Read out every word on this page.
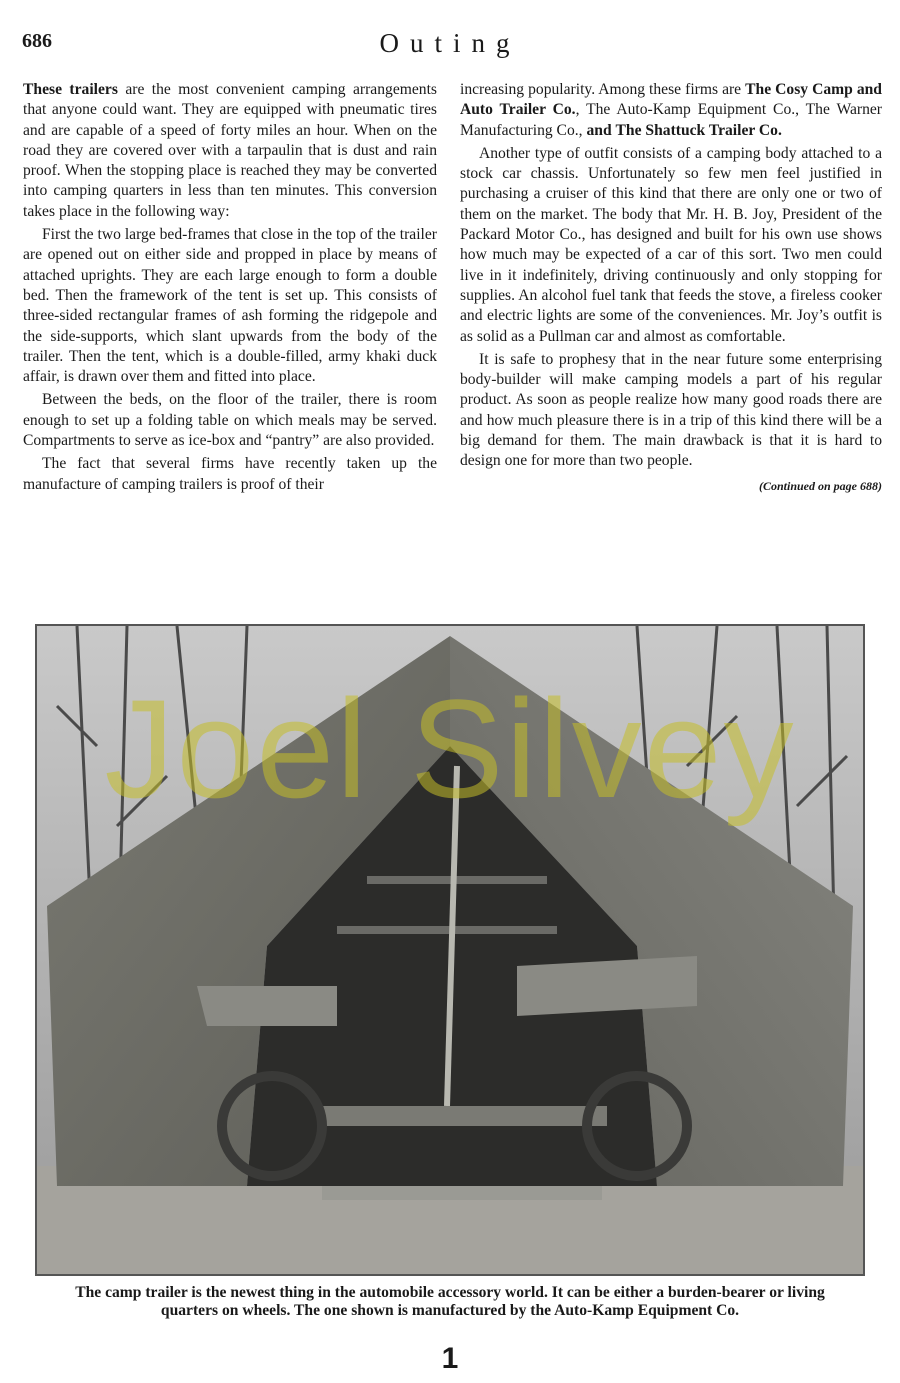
686	Outing

These trailers are the most convenient camping arrangements that anyone could want. They are equipped with pneumatic tires and are capable of a speed of forty miles an hour. When on the road they are covered over with a tarpaulin that is dust and rain proof. When the stopping place is reached they may be converted into camping quarters in less than ten minutes. This conversion takes place in the following way:

First the two large bed-frames that close in the top of the trailer are opened out on either side and propped in place by means of attached uprights. They are each large enough to form a double bed. Then the framework of the tent is set up. This consists of three-sided rectangular frames of ash forming the ridgepole and the side-supports, which slant upwards from the body of the trailer. Then the tent, which is a double-filled, army khaki duck affair, is drawn over them and fitted into place.

Between the beds, on the floor of the trailer, there is room enough to set up a folding table on which meals may be served. Compartments to serve as ice-box and “pantry” are also provided.

The fact that several firms have recently taken up the manufacture of camping trailers is proof of their

increasing popularity. Among these firms are The Cosy Camp and Auto Trailer Co., The Auto-Kamp Equipment Co., The Warner Manufacturing Co., and The Shattuck Trailer Co.

Another type of outfit consists of a camping body attached to a stock car chassis. Unfortunately so few men feel justified in purchasing a cruiser of this kind that there are only one or two of them on the market. The body that Mr. H. B. Joy, President of the Packard Motor Co., has designed and built for his own use shows how much may be expected of a car of this sort. Two men could live in it indefinitely, driving continuously and only stopping for supplies. An alcohol fuel tank that feeds the stove, a fireless cooker and electric lights are some of the conveniences. Mr. Joy’s outfit is as solid as a Pullman car and almost as comfortable.

It is safe to prophesy that in the near future some enterprising body-builder will make camping models a part of his regular product. As soon as people realize how many good roads there are and how much pleasure there is in a trip of this kind there will be a big demand for them. The main drawback is that it is hard to design one for more than two people.

(Continued on page 688)

Joel Silvey
The camp trailer is the newest thing in the automobile accessory world. It can be either a burden-bearer or living quarters on wheels. The one shown is manufactured by the Auto-Kamp Equipment Co.
1
